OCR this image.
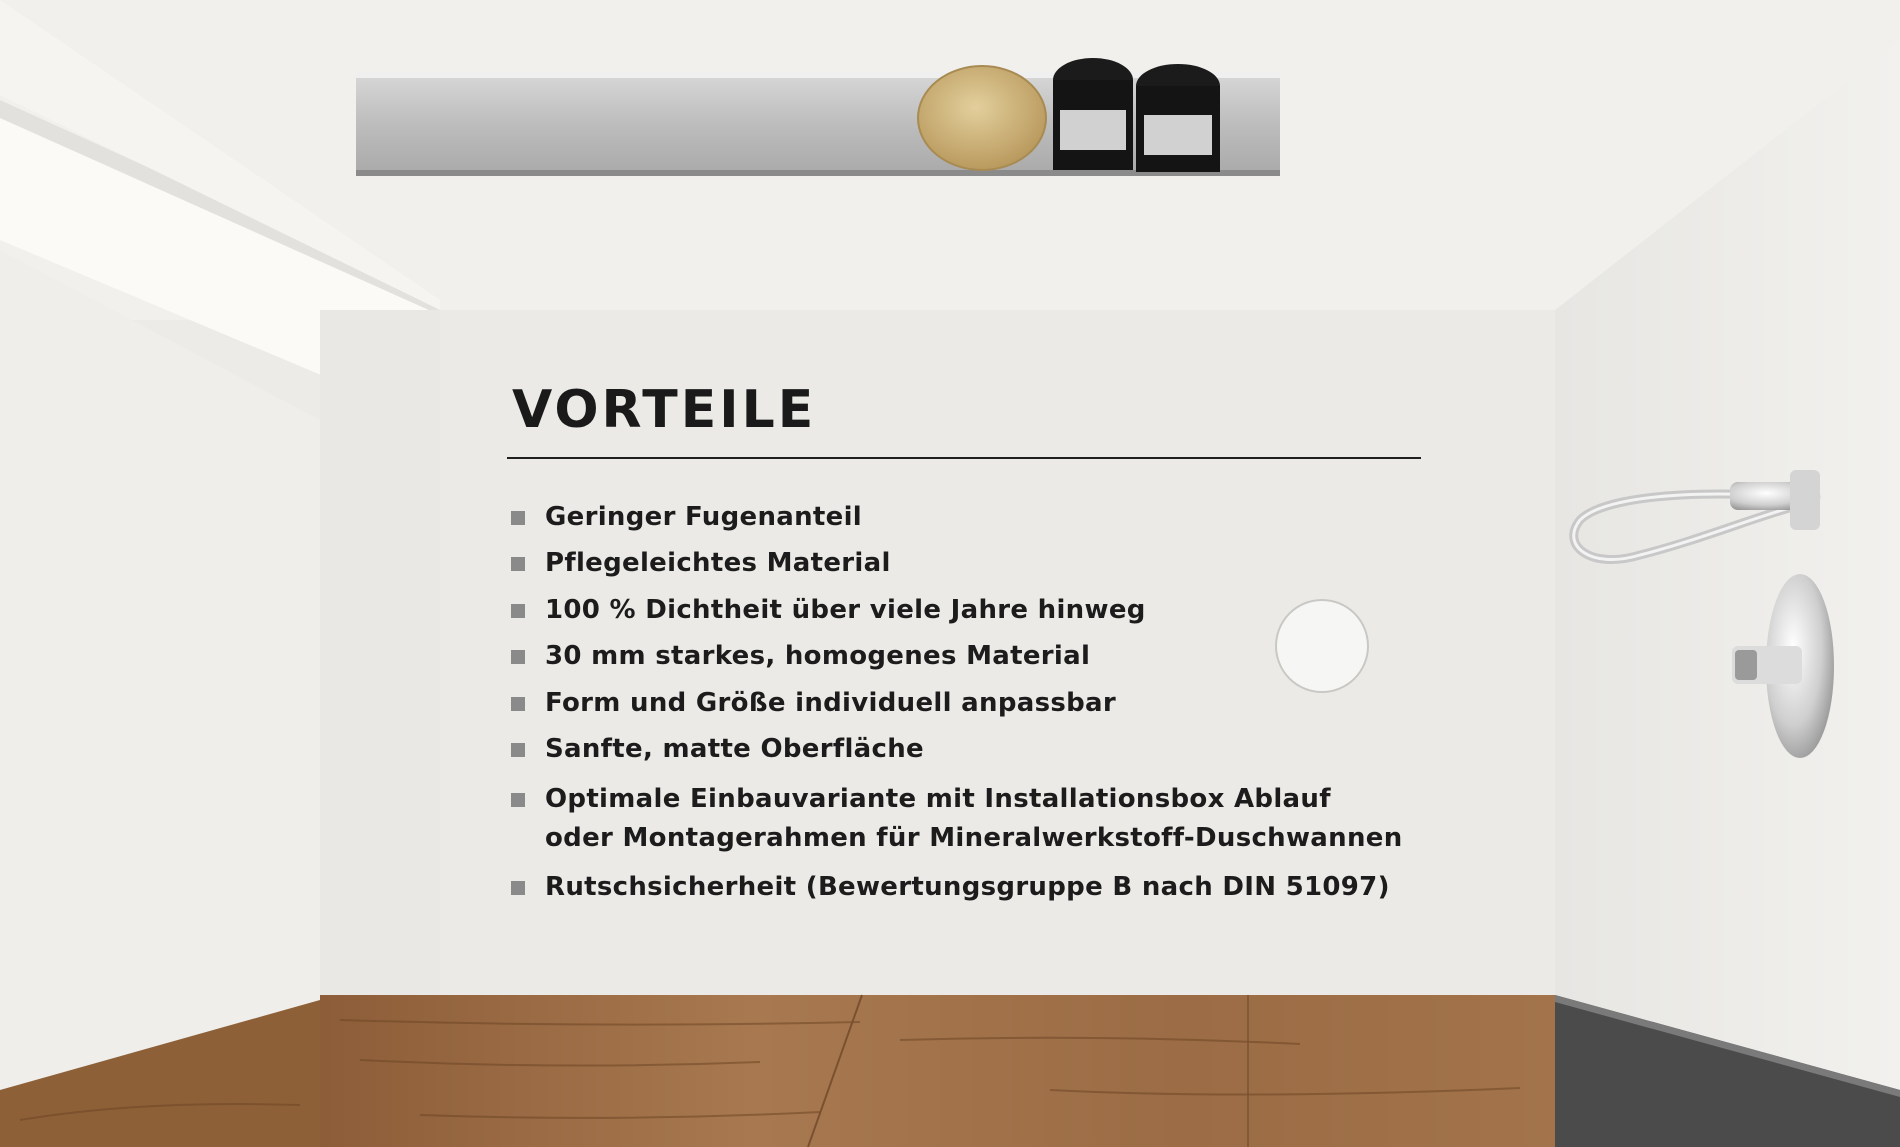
VORTEILE
Geringer Fugenanteil
Pflegeleichtes Material
100 % Dichtheit über viele Jahre hinweg
30 mm starkes, homogenes Material
Form und Größe individuell anpassbar
Sanfte, matte Oberfläche
Optimale Einbauvariante mit Installationsbox Ablauf
oder Montagerahmen für Mineralwerkstoff-Duschwannen
Rutschsicherheit (Bewertungsgruppe B nach DIN 51097)
